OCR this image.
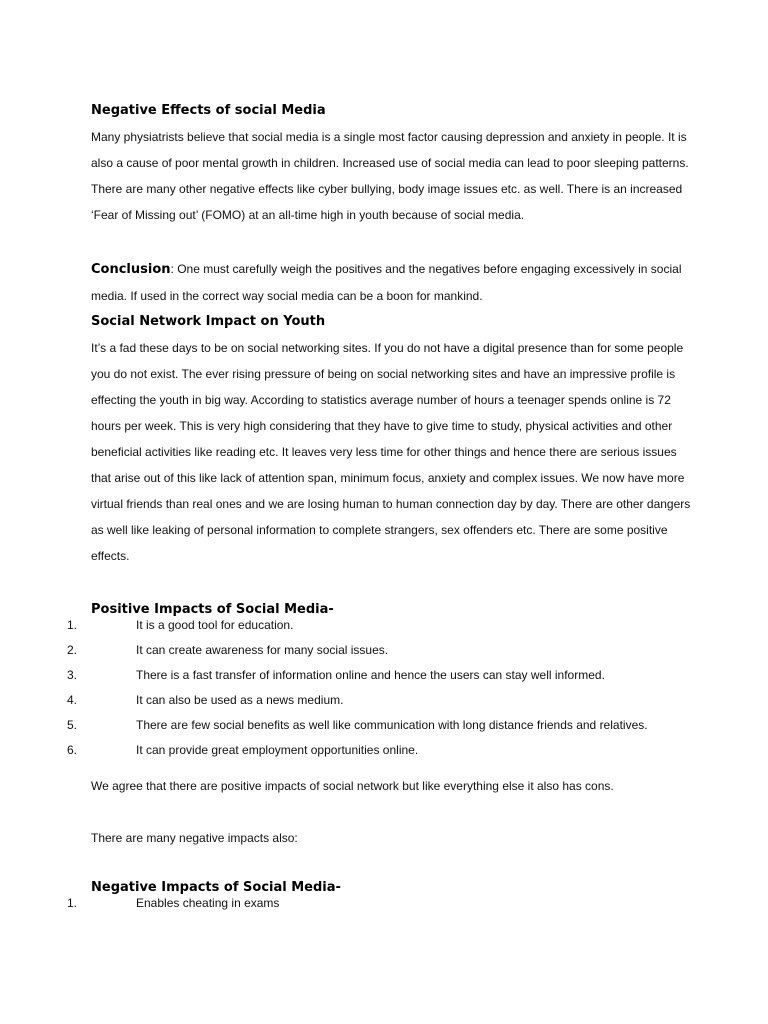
Negative Effects of social Media
Many physiatrists believe that social media is a single most factor causing depression and anxiety in people. It is also a cause of poor mental growth in children. Increased use of social media can lead to poor sleeping patterns. There are many other negative effects like cyber bullying, body image issues etc. as well. There is an increased ‘Fear of Missing out’ (FOMO) at an all-time high in youth because of social media.
Conclusion: One must carefully weigh the positives and the negatives before engaging excessively in social media. If used in the correct way social media can be a boon for mankind.
Social Network Impact on Youth
It’s a fad these days to be on social networking sites. If you do not have a digital presence than for some people you do not exist. The ever rising pressure of being on social networking sites and have an impressive profile is effecting the youth in big way. According to statistics average number of hours a teenager spends online is 72 hours per week. This is very high considering that they have to give time to study, physical activities and other beneficial activities like reading etc. It leaves very less time for other things and hence there are serious issues that arise out of this like lack of attention span, minimum focus, anxiety and complex issues. We now have more virtual friends than real ones and we are losing human to human connection day by day. There are other dangers as well like leaking of personal information to complete strangers, sex offenders etc. There are some positive effects.
Positive Impacts of Social Media-
1.	It is a good tool for education.
2.	It can create awareness for many social issues.
3.	There is a fast transfer of information online and hence the users can stay well informed.
4.	It can also be used as a news medium.
5.	There are few social benefits as well like communication with long distance friends and relatives.
6.	It can provide great employment opportunities online.
We agree that there are positive impacts of social network but like everything else it also has cons.
There are many negative impacts also:
Negative Impacts of Social Media-
1.	Enables cheating in exams
